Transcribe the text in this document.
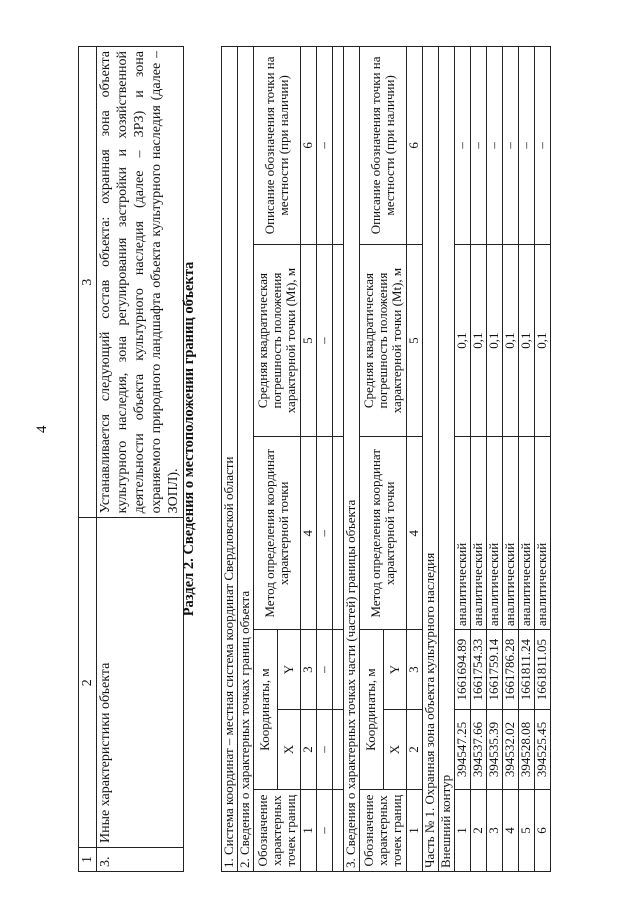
4
1	2	3
3.	Иные характеристики объекта	Устанавливается следующий состав объекта: охранная зона объекта культурного наследия, зона регулирования застройки и хозяйственной деятельности объекта культурного наследия (далее – ЗРЗ) и зона охраняемого природного ландшафта объекта культурного наследия (далее – ЗОПЛ). Раздел 2. Сведения о местоположении границ объекта
1. Система координат – местная система координат Свердловской области					
2. Сведения о характерных точках границ объекта					
Обозначение характерных точек границ	Координаты, м		Метод определения координат характерной точки	Средняя квадратическая погрешность положения характерной точки (Mt), м	Описание обозначения точки на местности (при наличии)
	X	Y			
1	2	3	4	5	6
–	–	–	–	–	–

3. Сведения о характерных точках части (частей) границы объекта					
Обозначение характерных точек границ	Координаты, м		Метод определения координат характерной точки	Средняя квадратическая погрешность положения характерной точки (Mt), м	Описание обозначения точки на местности (при наличии)
	X	Y			
1	2	3	4	5	6
Часть № 1. Охранная зона объекта культурного наследия					
Внешний контур					
1	394547.25	1661694.89	аналитический	0,1	–
2	394537.66	1661754.33	аналитический	0,1	–
3	394535.39	1661759.14	аналитический	0,1	–
4	394532.02	1661786.28	аналитический	0,1	–
5	394528.08	1661811.24	аналитический	0,1	–
6	394525.45	1661811.05	аналитический	0,1	–
